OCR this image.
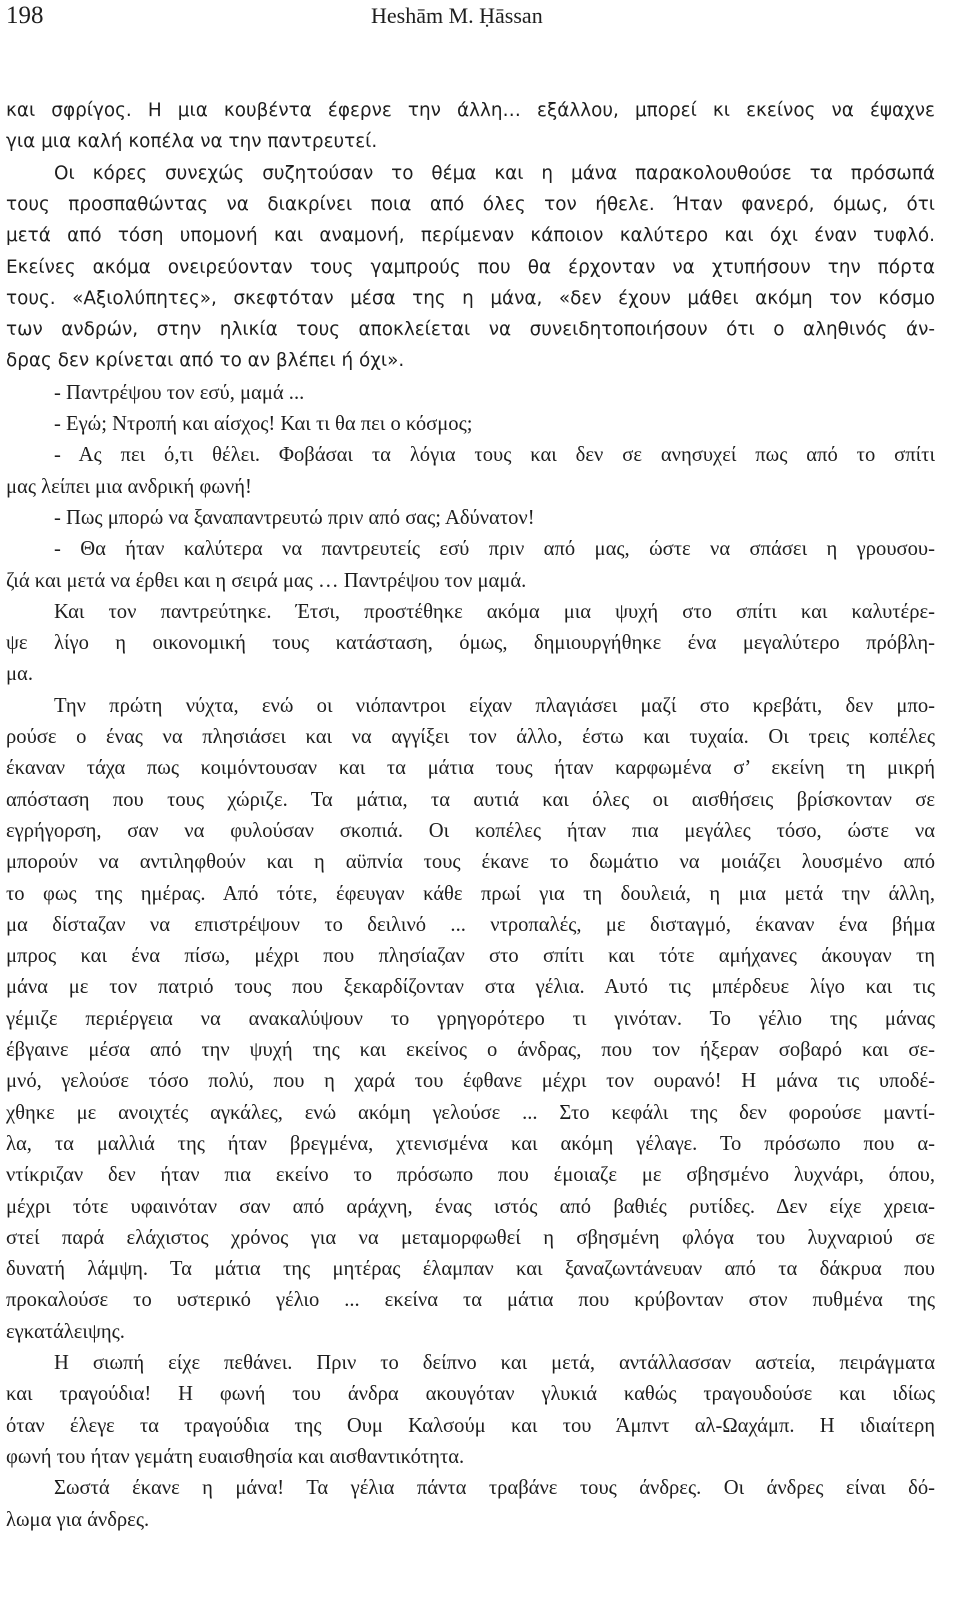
198	Heshām M. Ḥāssan
και σφρίγος. Η μια κουβέντα έφερνε την άλλη… εξάλλου, μπορεί κι εκείνος να έψαχνε
για μια καλή κοπέλα να την παντρευτεί.
Οι κόρες συνεχώς συζητούσαν το θέμα και η μάνα παρακολουθούσε τα πρόσωπά
τους προσπαθώντας να διακρίνει ποια από όλες τον ήθελε. Ήταν φανερό, όμως, ότι
μετά από τόση υπομονή και αναμονή, περίμεναν κάποιον καλύτερο και όχι έναν τυφλό.
Εκείνες ακόμα ονειρεύονταν τους γαμπρούς που θα έρχονταν να χτυπήσουν την πόρτα
τους. «Αξιολύπητες», σκεφτόταν μέσα της η μάνα, «δεν έχουν μάθει ακόμη τον κόσμο
των ανδρών, στην ηλικία τους αποκλείεται να συνειδητοποιήσουν ότι ο αληθινός άν-
δρας δεν κρίνεται από το αν βλέπει ή όχι».
- Παντρέψου τον εσύ, μαμά ...
- Εγώ; Ντροπή και αίσχος! Και τι θα πει ο κόσμος;
- Ας πει ό,τι θέλει. Φοβάσαι τα λόγια τους και δεν σε ανησυχεί πως από το σπίτι
μας λείπει μια ανδρική φωνή!
- Πως μπορώ να ξαναπαντρευτώ πριν από σας; Αδύνατον!
- Θα ήταν καλύτερα να παντρευτείς εσύ πριν από μας, ώστε να σπάσει η γρουσου-
ζιά και μετά να έρθει και η σειρά μας … Παντρέψου τον μαμά.
Και τον παντρεύτηκε. Έτσι, προστέθηκε ακόμα μια ψυχή στο σπίτι και καλυτέρε-
ψε λίγο η οικονομική τους κατάσταση, όμως, δημιουργήθηκε ένα μεγαλύτερο πρόβλη-
μα.
Την πρώτη νύχτα, ενώ οι νιόπαντροι είχαν πλαγιάσει μαζί στο κρεβάτι, δεν μπο-
ρούσε ο ένας να πλησιάσει και να αγγίξει τον άλλο, έστω και τυχαία. Οι τρεις κοπέλες
έκαναν τάχα πως κοιμόντουσαν και τα μάτια τους ήταν καρφωμένα σ’ εκείνη τη μικρή
απόσταση που τους χώριζε. Τα μάτια, τα αυτιά και όλες οι αισθήσεις βρίσκονταν σε
εγρήγορση, σαν να φυλούσαν σκοπιά. Οι κοπέλες ήταν πια μεγάλες τόσο, ώστε να
μπορούν να αντιληφθούν και η αϋπνία τους έκανε το δωμάτιο να μοιάζει λουσμένο από
το φως της ημέρας. Από τότε, έφευγαν κάθε πρωί για τη δουλειά, η μια μετά την άλλη,
μα δίσταζαν να επιστρέψουν το δειλινό ... ντροπαλές, με δισταγμό, έκαναν ένα βήμα
μπρος και ένα πίσω, μέχρι που πλησίαζαν στο σπίτι και τότε αμήχανες άκουγαν τη
μάνα με τον πατριό τους που ξεκαρδίζονταν στα γέλια. Αυτό τις μπέρδευε λίγο και τις
γέμιζε περιέργεια να ανακαλύψουν το γρηγορότερο τι γινόταν. Το γέλιο της μάνας
έβγαινε μέσα από την ψυχή της και εκείνος ο άνδρας, που τον ήξεραν σοβαρό και σε-
μνό, γελούσε τόσο πολύ, που η χαρά του έφθανε μέχρι τον ουρανό! Η μάνα τις υποδέ-
χθηκε με ανοιχτές αγκάλες, ενώ ακόμη γελούσε ... Στο κεφάλι της δεν φορούσε μαντί-
λα, τα μαλλιά της ήταν βρεγμένα, χτενισμένα και ακόμη γέλαγε. Το πρόσωπο που α-
ντίκριζαν δεν ήταν πια εκείνο το πρόσωπο που έμοιαζε με σβησμένο λυχνάρι, όπου,
μέχρι τότε υφαινόταν σαν από αράχνη, ένας ιστός από βαθιές ρυτίδες. Δεν είχε χρεια-
στεί παρά ελάχιστος χρόνος για να μεταμορφωθεί η σβησμένη φλόγα του λυχναριού σε
δυνατή λάμψη. Τα μάτια της μητέρας έλαμπαν και ξαναζωντάνευαν από τα δάκρυα που
προκαλούσε το υστερικό γέλιο ... εκείνα τα μάτια που κρύβονταν στον πυθμένα της
εγκατάλειψης.
Η σιωπή είχε πεθάνει. Πριν το δείπνο και μετά, αντάλλασσαν αστεία, πειράγματα
και τραγούδια! Η φωνή του άνδρα ακουγόταν γλυκιά καθώς τραγουδούσε και ιδίως
όταν έλεγε τα τραγούδια της Ουμ Καλσούμ και του Άμπντ αλ-Ωαχάμπ. Η ιδιαίτερη
φωνή του ήταν γεμάτη ευαισθησία και αισθαντικότητα.
Σωστά έκανε η μάνα! Τα γέλια πάντα τραβάνε τους άνδρες. Οι άνδρες είναι δό-
λωμα για άνδρες.
